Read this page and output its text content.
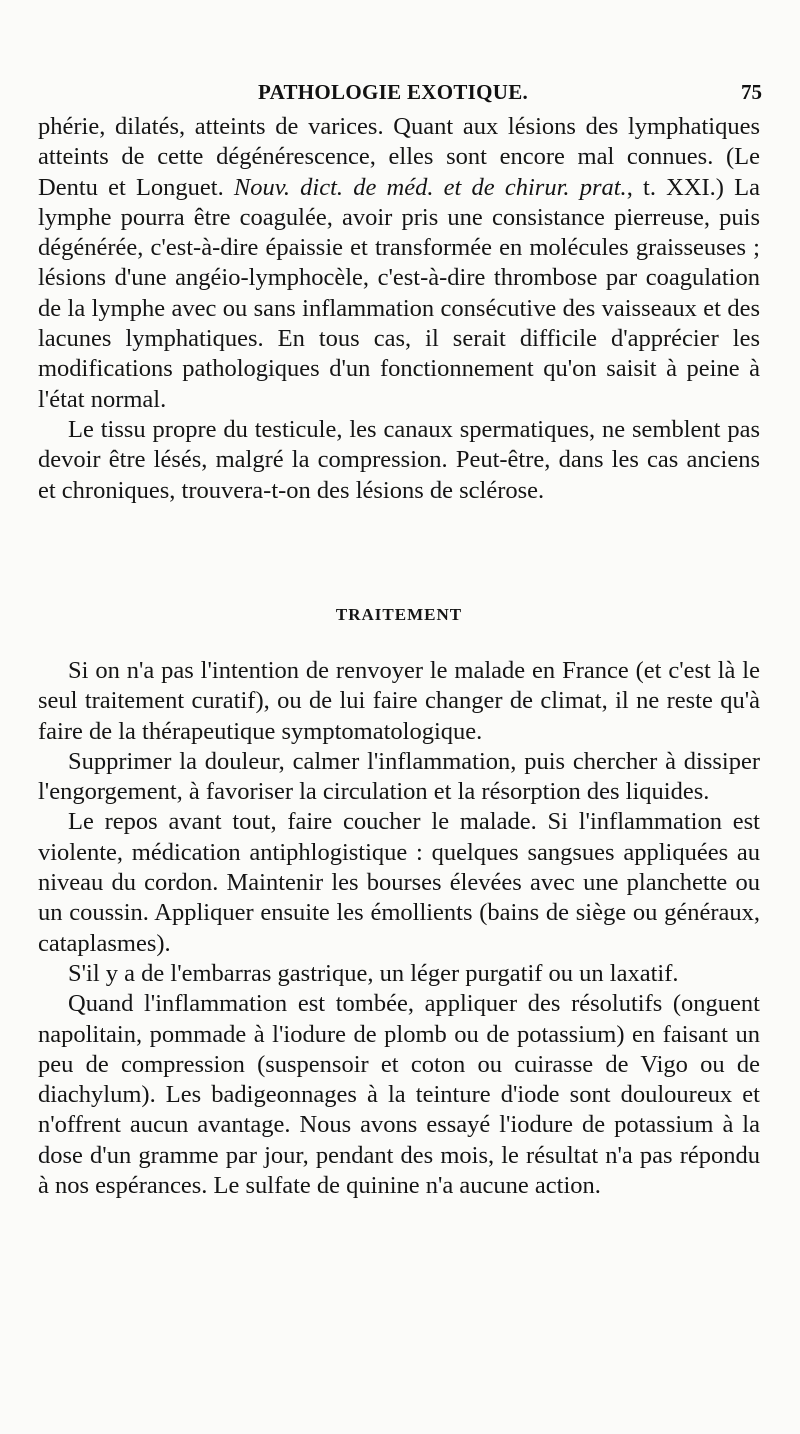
PATHOLOGIE EXOTIQUE.	75

phérie, dilatés, atteints de varices. Quant aux lésions des lymphatiques atteints de cette dégénérescence, elles sont encore mal connues. (Le Dentu et Longuet. Nouv. dict. de méd. et de chirur. prat., t. XXI.) La lymphe pourra être coagulée, avoir pris une consistance pierreuse, puis dégénérée, c'est-à-dire épaissie et transformée en molécules graisseuses ; lésions d'une angéio-lymphocèle, c'est-à-dire thrombose par coagulation de la lymphe avec ou sans inflammation consécutive des vaisseaux et des lacunes lymphatiques. En tous cas, il serait difficile d'apprécier les modifications pathologiques d'un fonctionnement qu'on saisit à peine à l'état normal.

Le tissu propre du testicule, les canaux spermatiques, ne semblent pas devoir être lésés, malgré la compression. Peut-être, dans les cas anciens et chroniques, trouvera-t-on des lésions de sclérose.

TRAITEMENT

Si on n'a pas l'intention de renvoyer le malade en France (et c'est là le seul traitement curatif), ou de lui faire changer de climat, il ne reste qu'à faire de la thérapeutique symptomatologique.

Supprimer la douleur, calmer l'inflammation, puis chercher à dissiper l'engorgement, à favoriser la circulation et la résorption des liquides.

Le repos avant tout, faire coucher le malade. Si l'inflammation est violente, médication antiphlogistique : quelques sangsues appliquées au niveau du cordon. Maintenir les bourses élevées avec une planchette ou un coussin. Appliquer ensuite les émollients (bains de siège ou généraux, cataplasmes).

S'il y a de l'embarras gastrique, un léger purgatif ou un laxatif.

Quand l'inflammation est tombée, appliquer des résolutifs (onguent napolitain, pommade à l'iodure de plomb ou de potassium) en faisant un peu de compression (suspensoir et coton ou cuirasse de Vigo ou de diachylum). Les badigeonnages à la teinture d'iode sont douloureux et n'offrent aucun avantage. Nous avons essayé l'iodure de potassium à la dose d'un gramme par jour, pendant des mois, le résultat n'a pas répondu à nos espérances. Le sulfate de quinine n'a aucune action.
